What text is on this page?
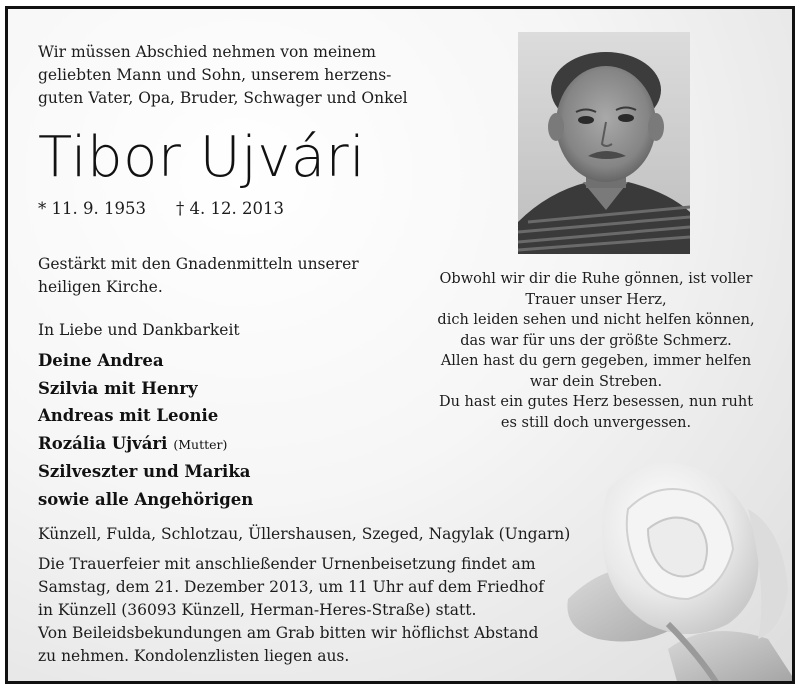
Wir müssen Abschied nehmen von meinem
geliebten Mann und Sohn, unserem herzens-
guten Vater, Opa, Bruder, Schwager und Onkel
Tibor Ujvári
* 11. 9. 1953 † 4. 12. 2013
Gestärkt mit den Gnadenmitteln unserer
heiligen Kirche.
In Liebe und Dankbarkeit
Deine Andrea
Szilvia mit Henry
Andreas mit Leonie
Rozália Ujvári (Mutter)
Szilveszter und Marika
sowie alle Angehörigen
Obwohl wir dir die Ruhe gönnen, ist voller
Trauer unser Herz,
dich leiden sehen und nicht helfen können,
das war für uns der größte Schmerz.
Allen hast du gern gegeben, immer helfen
war dein Streben.
Du hast ein gutes Herz besessen, nun ruht
es still doch unvergessen.
Künzell, Fulda, Schlotzau, Üllershausen, Szeged, Nagylak (Ungarn)
Die Trauerfeier mit anschließender Urnenbeisetzung findet am
Samstag, dem 21. Dezember 2013, um 11 Uhr auf dem Friedhof
in Künzell (36093 Künzell, Herman-Heres-Straße) statt.
Von Beileidsbekundungen am Grab bitten wir höflichst Abstand
zu nehmen. Kondolenzlisten liegen aus.
